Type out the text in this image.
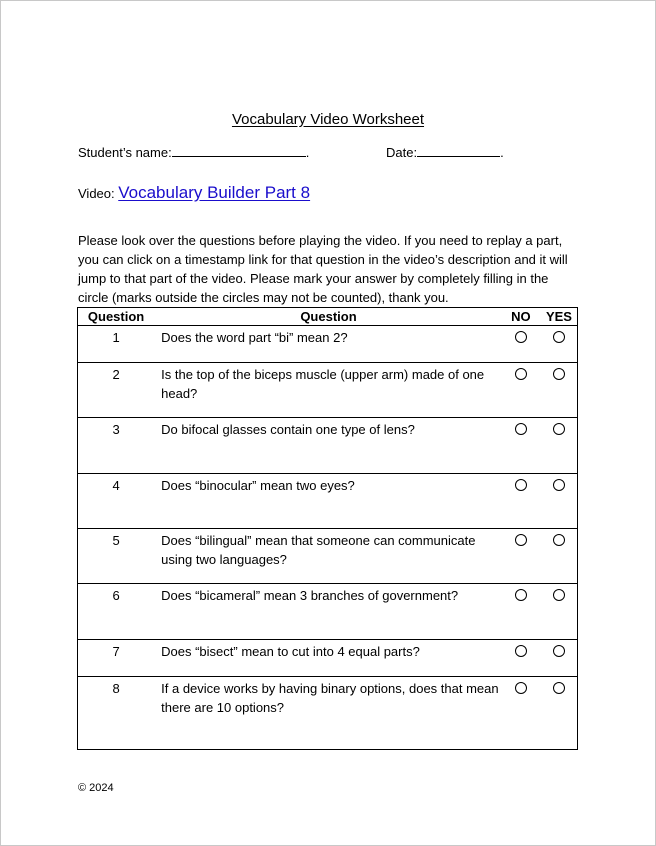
Vocabulary Video Worksheet
Student’s name:	.	Date:	.
Video: Vocabulary Builder Part 8
Please look over the questions before playing the video. If you need to replay a part, you can click on a timestamp link for that question in the video’s description and it will jump to that part of the video. Please mark your answer by completely filling in the circle (marks outside the circles may not be counted), thank you.
Question	Question	NO	YES

1	Does the word part “bi” mean 2?		

2	Is the top of the biceps muscle (upper arm) made of one head?		

3	Do bifocal glasses contain one type of lens?		

4	Does “binocular” mean two eyes?		

5	Does “bilingual” mean that someone can communicate using two languages?		

6	Does “bicameral” mean 3 branches of government?		

7	Does “bisect” mean to cut into 4 equal parts?		

8	If a device works by having binary options, does that mean there are 10 options?		

© 2024
